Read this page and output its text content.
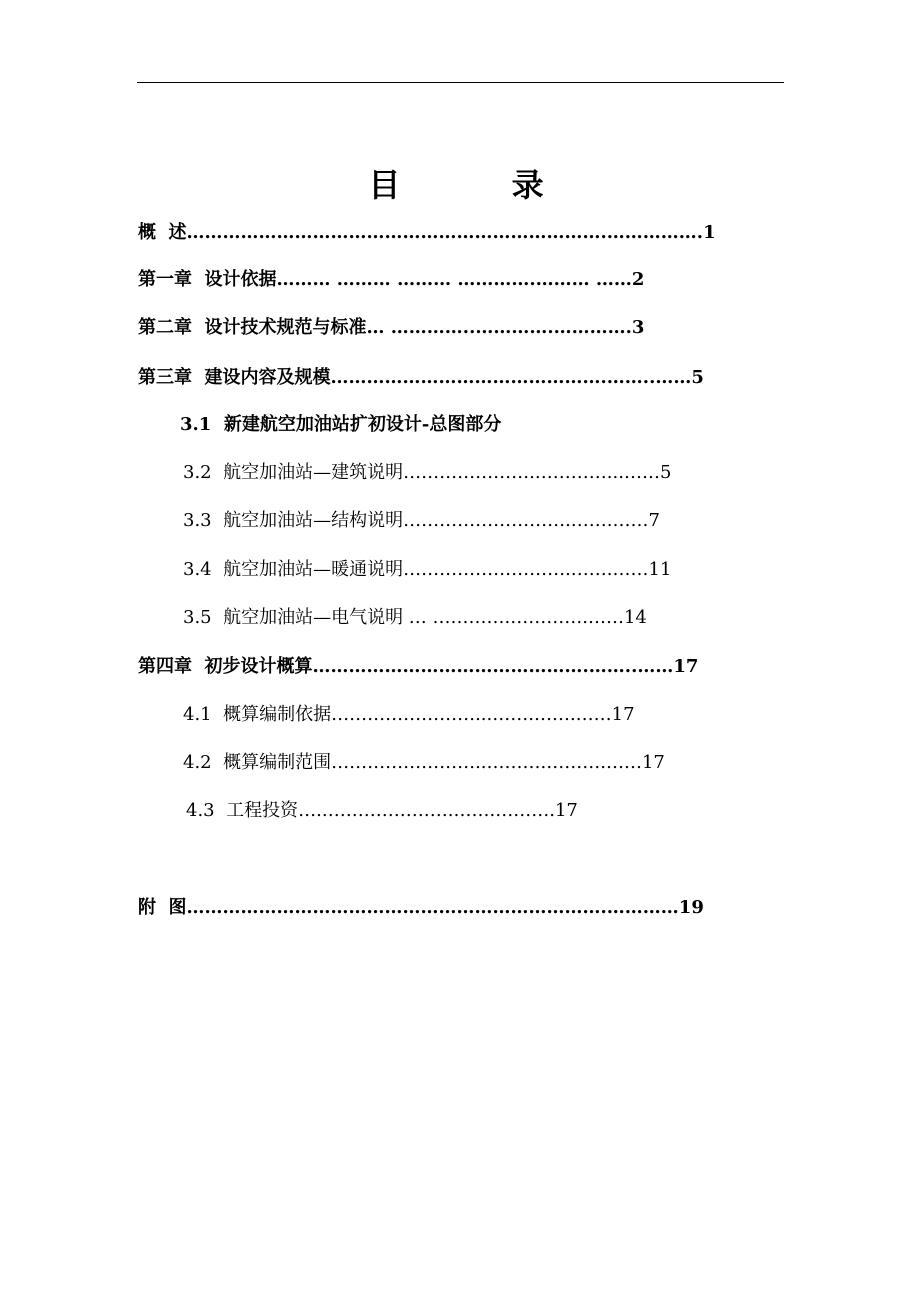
目 录
概  述…………………………………………………………….…………….1
第一章  设计依据……… ……… ……… ………….……… ……2
第二章  设计技术规范与标准… …………..………….………….3
第三章  建设内容及规模……………………………………….……..……5
3.1  新建航空加油站扩初设计-总图部分
3.2  航空加油站—建筑说明………………….…………...……5
3.3  航空加油站—结构说明……………………….…….……7
3.4  航空加油站—暖通说明……………………….…….……11
3.5  航空加油站—电气说明 … ………….………….……14
第四章  初步设计概算……………………………………….……..……17
4.1  概算编制依据……………………...…….…….……17
4.2  概算编制范围……………………..……….……….……17
4.3  工程投资….………………….…….……….17
附  图…………………………………………………………….…………19
